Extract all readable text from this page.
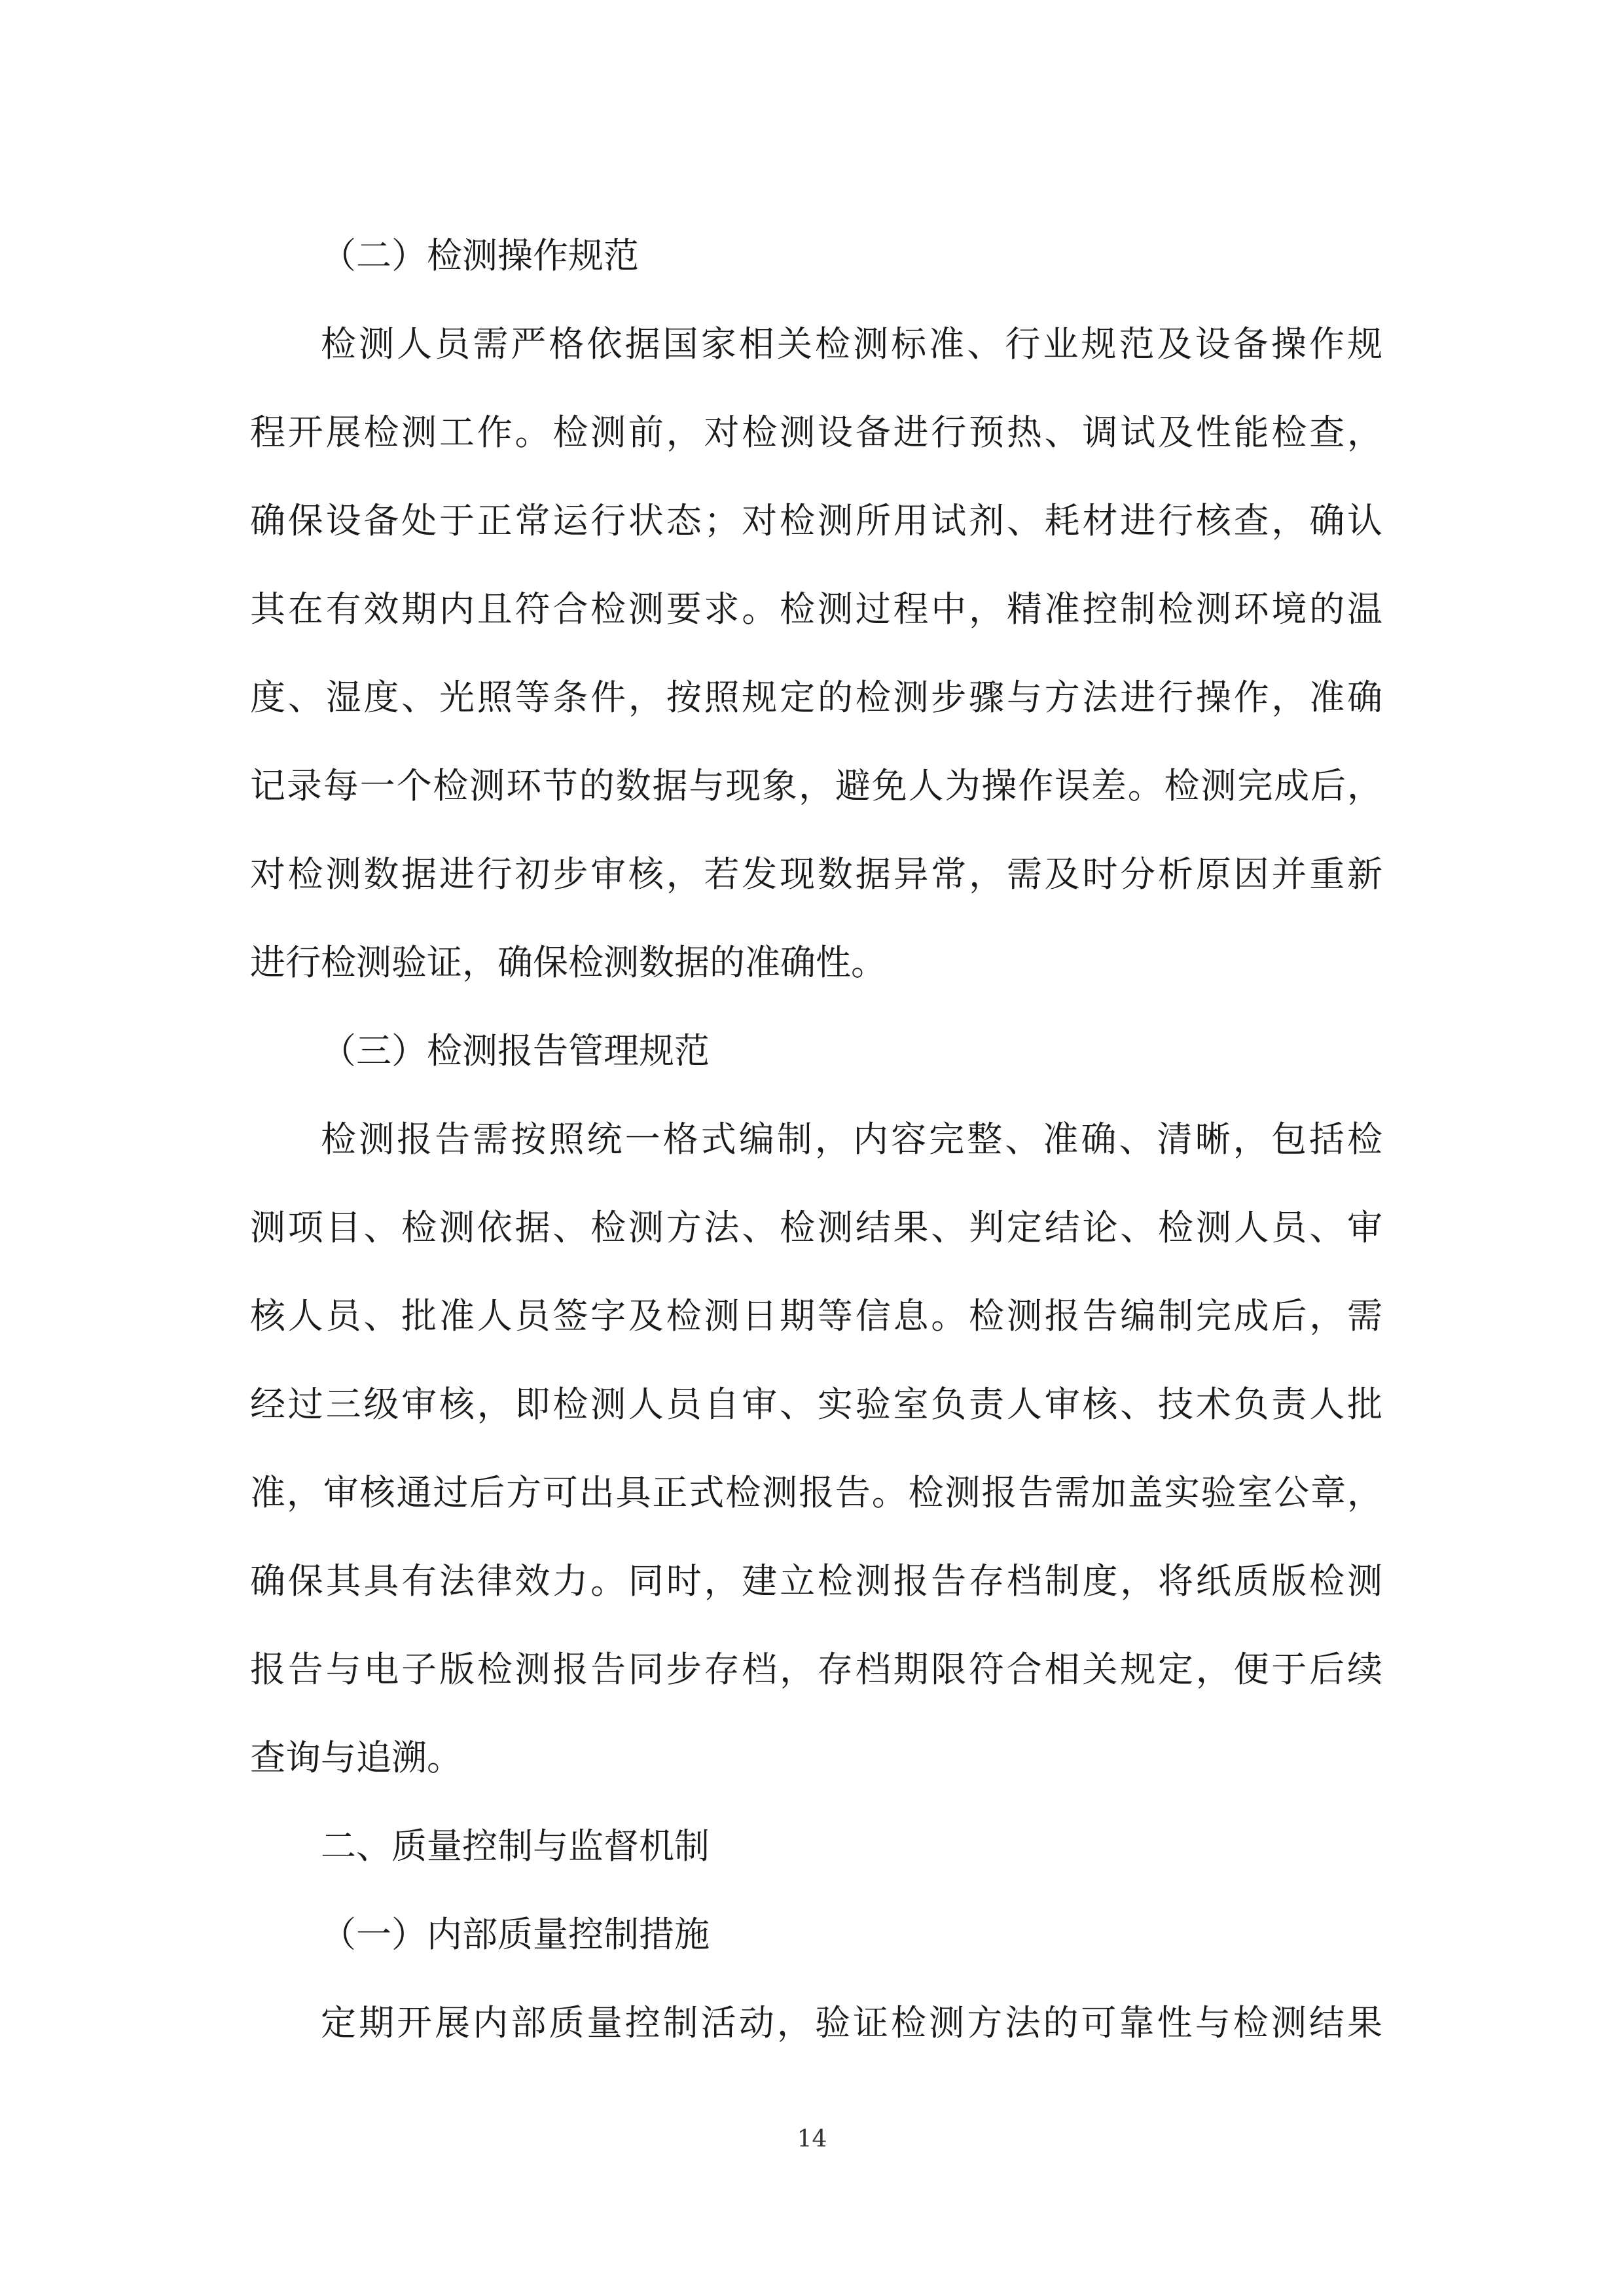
（二）检测操作规范
检测人员需严格依据国家相关检测标准、行业规范及设备操作规
程开展检测工作。检测前，对检测设备进行预热、调试及性能检查，
确保设备处于正常运行状态；对检测所用试剂、耗材进行核查，确认
其在有效期内且符合检测要求。检测过程中，精准控制检测环境的温
度、湿度、光照等条件，按照规定的检测步骤与方法进行操作，准确
记录每一个检测环节的数据与现象，避免人为操作误差。检测完成后，
对检测数据进行初步审核，若发现数据异常，需及时分析原因并重新
进行检测验证，确保检测数据的准确性。
（三）检测报告管理规范
检测报告需按照统一格式编制，内容完整、准确、清晰，包括检
测项目、检测依据、检测方法、检测结果、判定结论、检测人员、审
核人员、批准人员签字及检测日期等信息。检测报告编制完成后，需
经过三级审核，即检测人员自审、实验室负责人审核、技术负责人批
准，审核通过后方可出具正式检测报告。检测报告需加盖实验室公章，
确保其具有法律效力。同时，建立检测报告存档制度，将纸质版检测
报告与电子版检测报告同步存档，存档期限符合相关规定，便于后续
查询与追溯。
二、质量控制与监督机制
（一）内部质量控制措施
定期开展内部质量控制活动，验证检测方法的可靠性与检测结果
14
